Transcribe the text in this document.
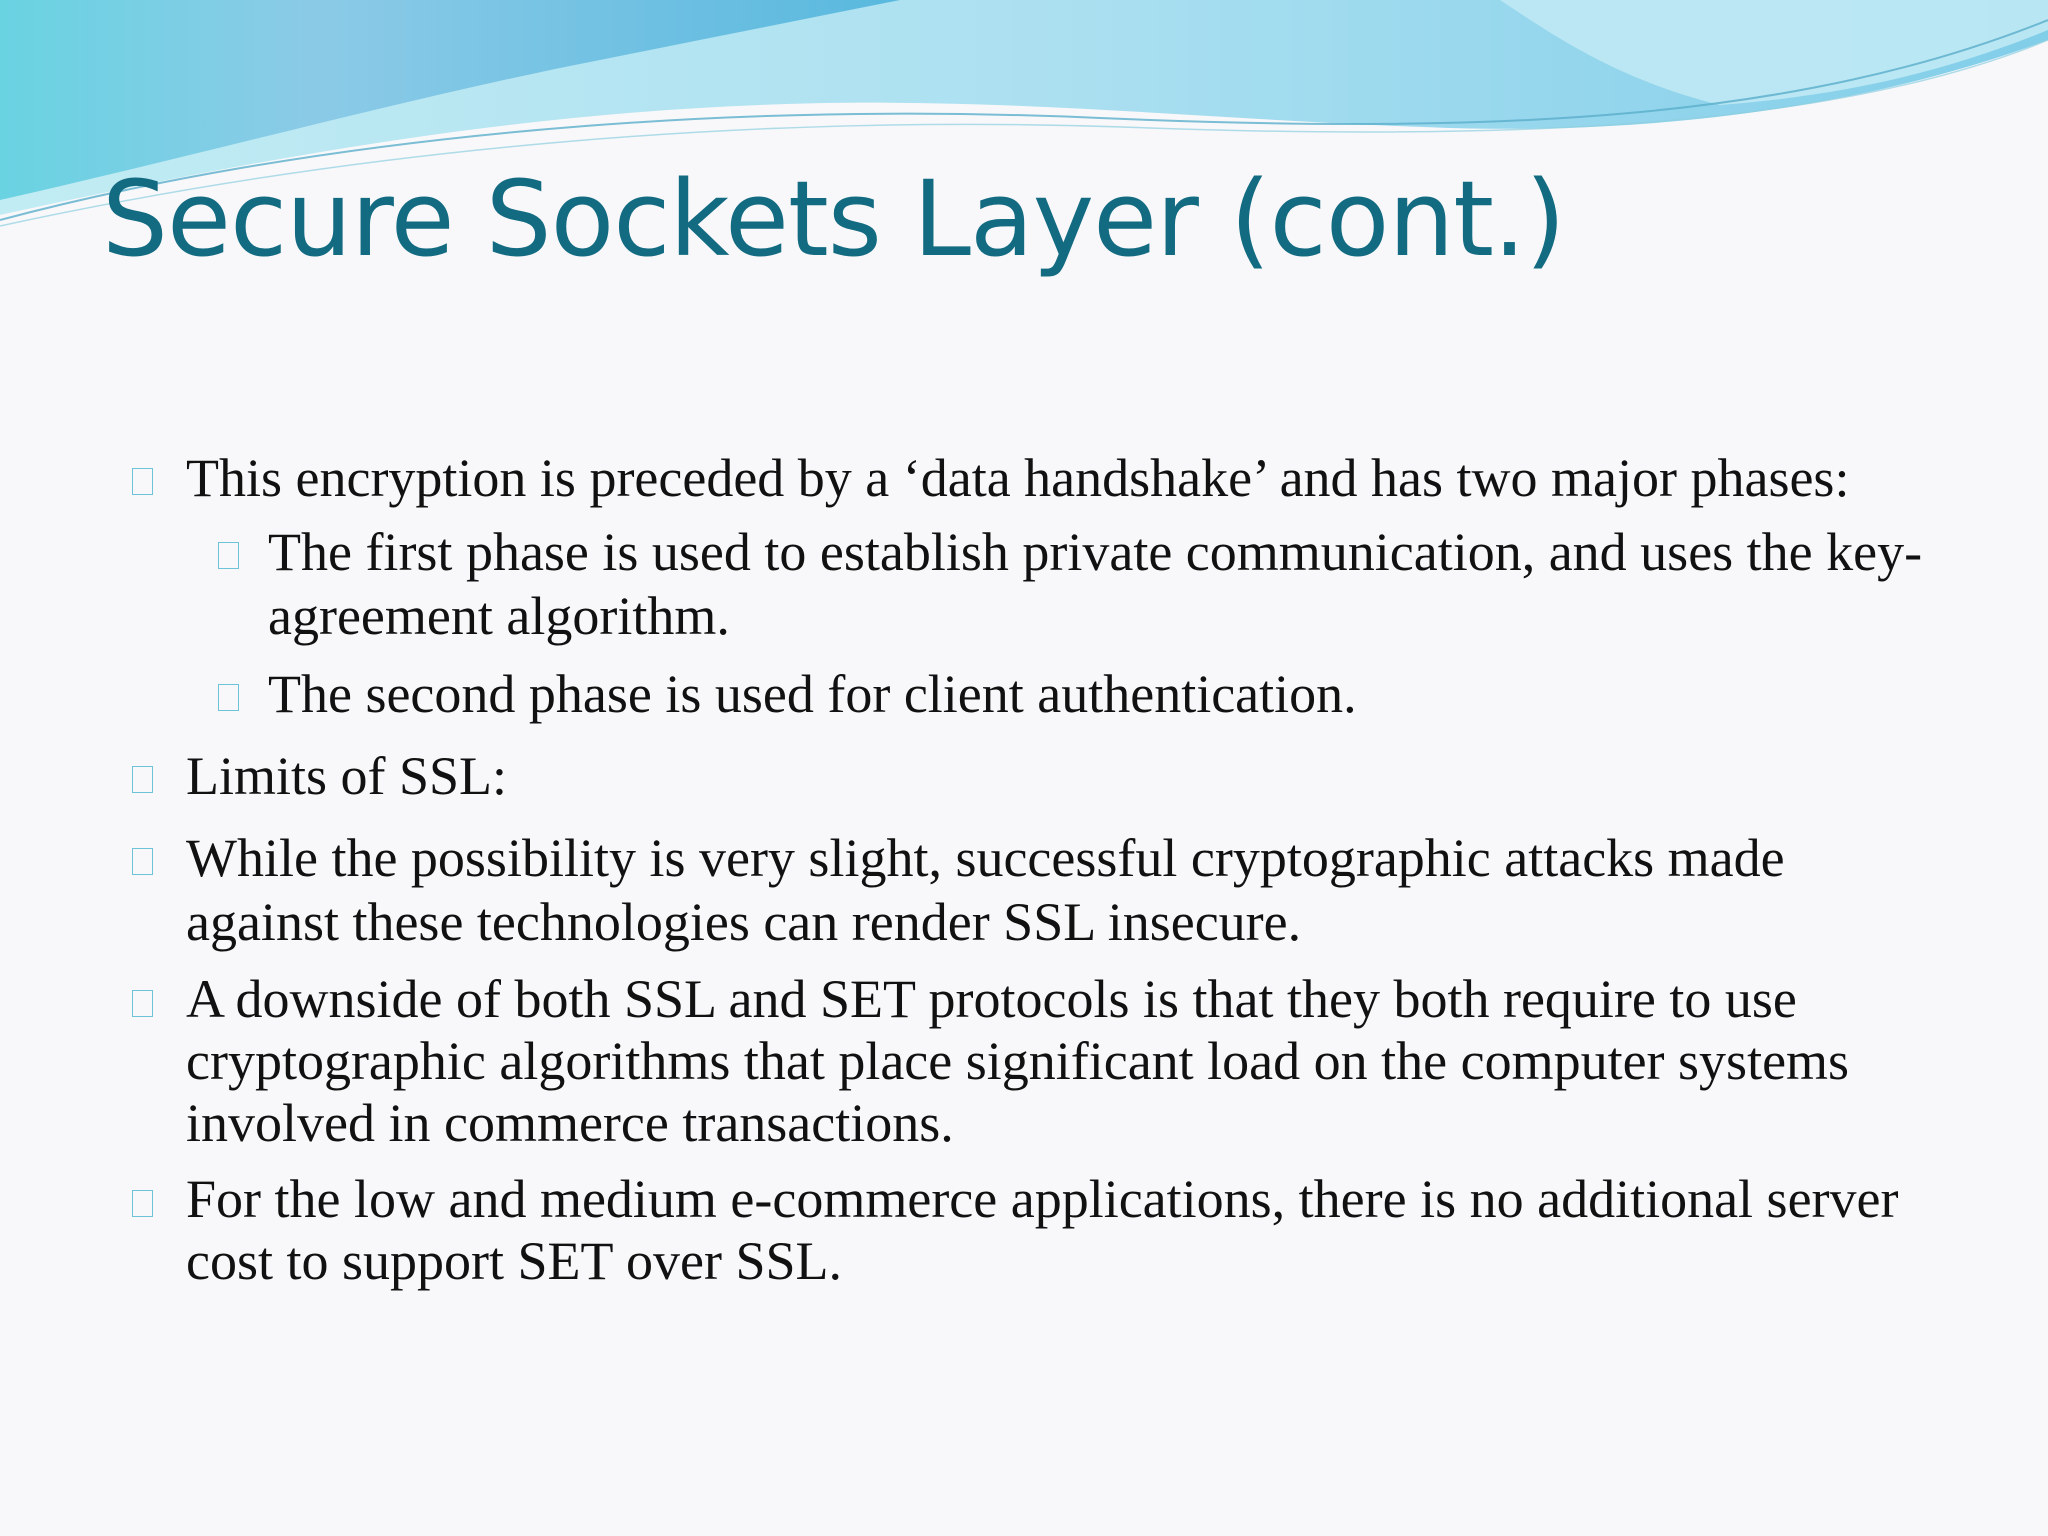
Secure Sockets Layer (cont.)
This encryption is preceded by a ‘data handshake’ and has two major phases:
The first phase is used to establish private communication, and uses the key-agreement algorithm.
The second phase is used for client authentication.
Limits of SSL:
While the possibility is very slight, successful cryptographic attacks made against these technologies can render SSL insecure.
A downside of both SSL and SET protocols is that they both require to use cryptographic algorithms that place significant load on the computer systems involved in commerce transactions.
For the low and medium e-commerce applications, there is no additional server cost to support SET over SSL.
